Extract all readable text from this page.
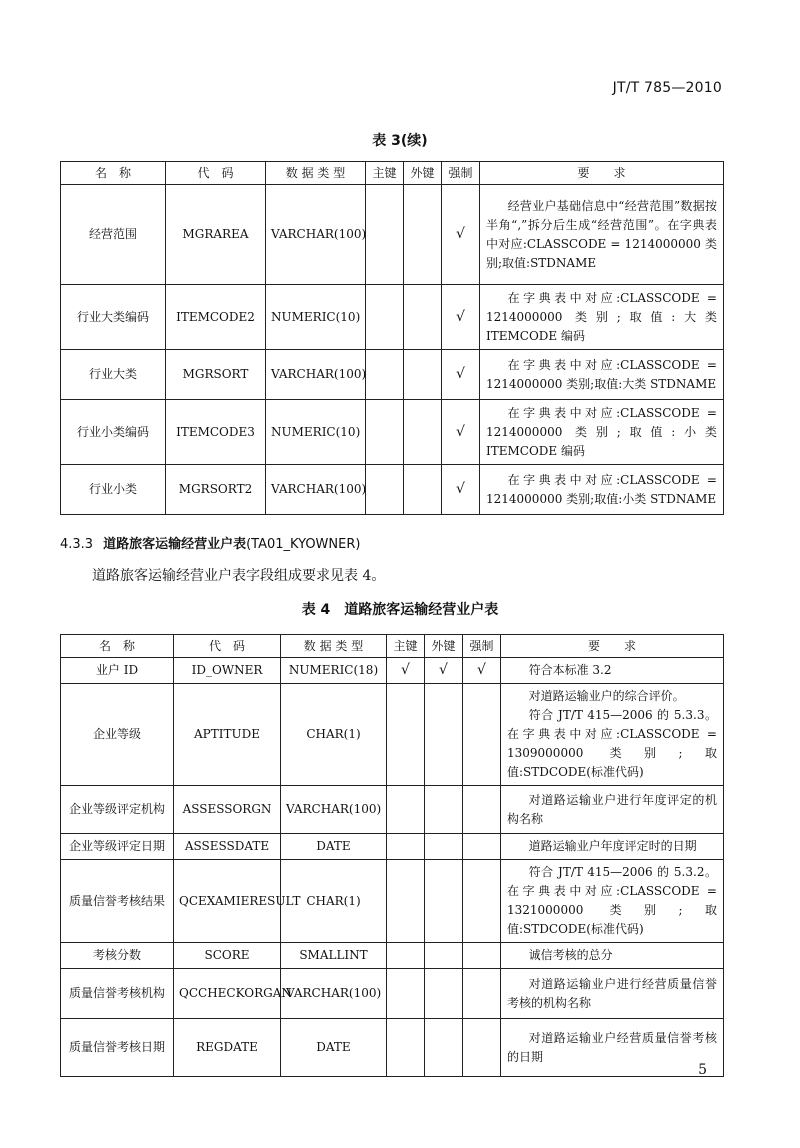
JT/T 785—2010
表 3(续)
名　称	代　码	数 据 类 型	主键	外键	强制	要　　求
经营范围	MGRAREA	VARCHAR(100)			√	经营业户基础信息中“经营范围”数据按半角“,”拆分后生成“经营范围”。在字典表中对应:CLASSCODE = 1214000000 类别;取值:STDNAME

行业大类编码	ITEMCODE2	NUMERIC(10)			√	在字典表中对应:CLASSCODE = 1214000000 类别;取值:大类 ITEMCODE 编码

行业大类	MGRSORT	VARCHAR(100)			√	在字典表中对应:CLASSCODE = 1214000000 类别;取值:大类 STDNAME

行业小类编码	ITEMCODE3	NUMERIC(10)			√	在字典表中对应:CLASSCODE = 1214000000 类别;取值:小类 ITEMCODE 编码

行业小类	MGRSORT2	VARCHAR(100)			√	在字典表中对应:CLASSCODE = 1214000000 类别;取值:小类 STDNAME

4.3.3 道路旅客运输经营业户表(TA01_KYOWNER)
道路旅客运输经营业户表字段组成要求见表 4。
表 4　道路旅客运输经营业户表
名　称	代　码	数 据 类 型	主键	外键	强制	要　　求
业户 ID	ID_OWNER	NUMERIC(18)	√	√	√	符合本标准 3.2

企业等级	APTITUDE	CHAR(1)				对道路运输业户的综合评价。

符合 JT/T 415—2006 的 5.3.3。在字典表中对应:CLASSCODE = 1309000000 类别;取值:STDCODE(标准代码)

企业等级评定机构	ASSESSORGN	VARCHAR(100)				对道路运输业户进行年度评定的机构名称

企业等级评定日期	ASSESSDATE	DATE				道路运输业户年度评定时的日期

质量信誉考核结果	QCEXAMIERESULT	CHAR(1)				符合 JT/T 415—2006 的 5.3.2。在字典表中对应:CLASSCODE = 1321000000 类别;取值:STDCODE(标准代码)

考核分数	SCORE	SMALLINT				诚信考核的总分

质量信誉考核机构	QCCHECKORGAN	VARCHAR(100)				对道路运输业户进行经营质量信誉考核的机构名称

质量信誉考核日期	REGDATE	DATE				对道路运输业户经营质量信誉考核的日期

5
